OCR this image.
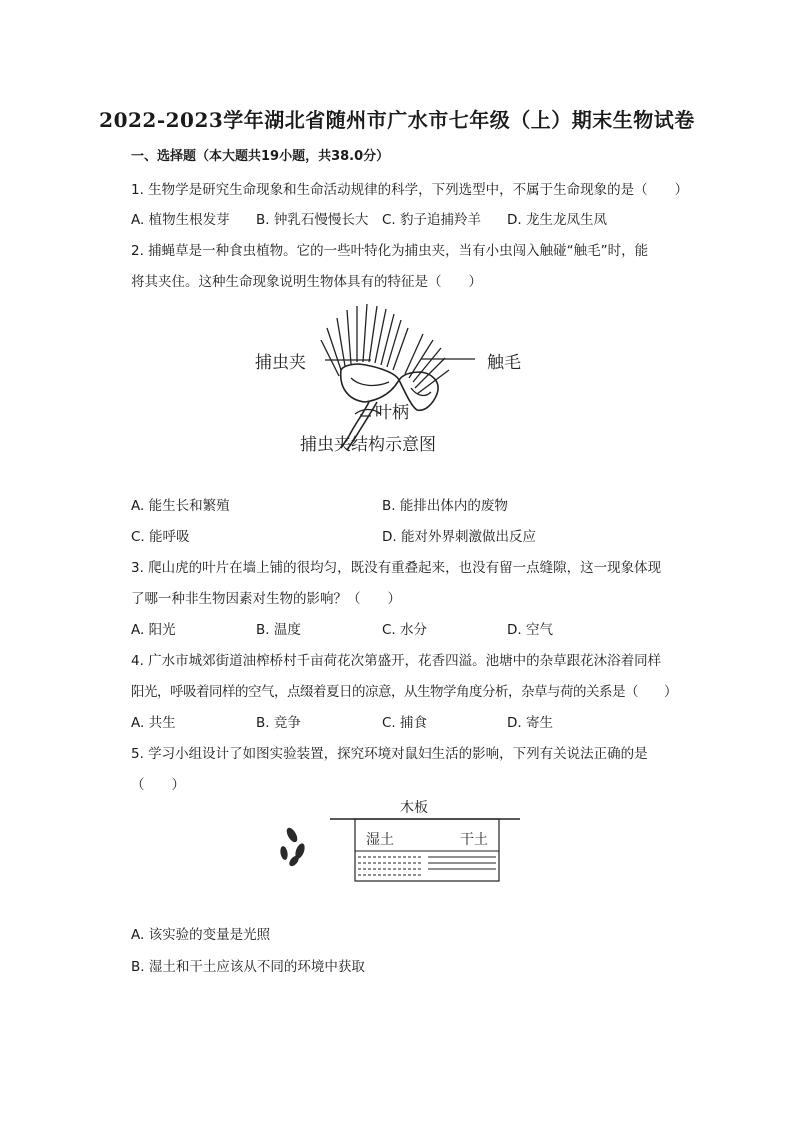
2022-2023学年湖北省随州市广水市七年级（上）期末生物试卷
一、选择题（本大题共19小题，共38.0分）
1. 生物学是研究生命现象和生命活动规律的科学，下列选型中，不属于生命现象的是（　　）
A. 植物生根发芽 B. 钟乳石慢慢长大 C. 豹子追捕羚羊 D. 龙生龙凤生凤
2. 捕蝇草是一种食虫植物。它的一些叶特化为捕虫夹，当有小虫闯入触碰“触毛”时，能
将其夹住。这种生命现象说明生物体具有的特征是（　　）
捕虫夹	触毛
叶柄
捕虫夹结构示意图
A. 能生长和繁殖	B. 能排出体内的废物
C. 能呼吸	D. 能对外界刺激做出反应
3. 爬山虎的叶片在墙上铺的很均匀，既没有重叠起来，也没有留一点缝隙，这一现象体现
了哪一种非生物因素对生物的影响？（　　）
A. 阳光	B. 温度	C. 水分	D. 空气
4. 广水市城郊街道油榨桥村千亩荷花次第盛开，花香四溢。池塘中的杂草跟花沐浴着同样
阳光，呼吸着同样的空气，点缀着夏日的凉意，从生物学角度分析，杂草与荷的关系是（　　）
A. 共生	B. 竞争	C. 捕食	D. 寄生
5. 学习小组设计了如图实验装置，探究环境对鼠妇生活的影响，下列有关说法正确的是
（　　）
木板
湿土	干土
A. 该实验的变量是光照
B. 湿土和干土应该从不同的环境中获取
